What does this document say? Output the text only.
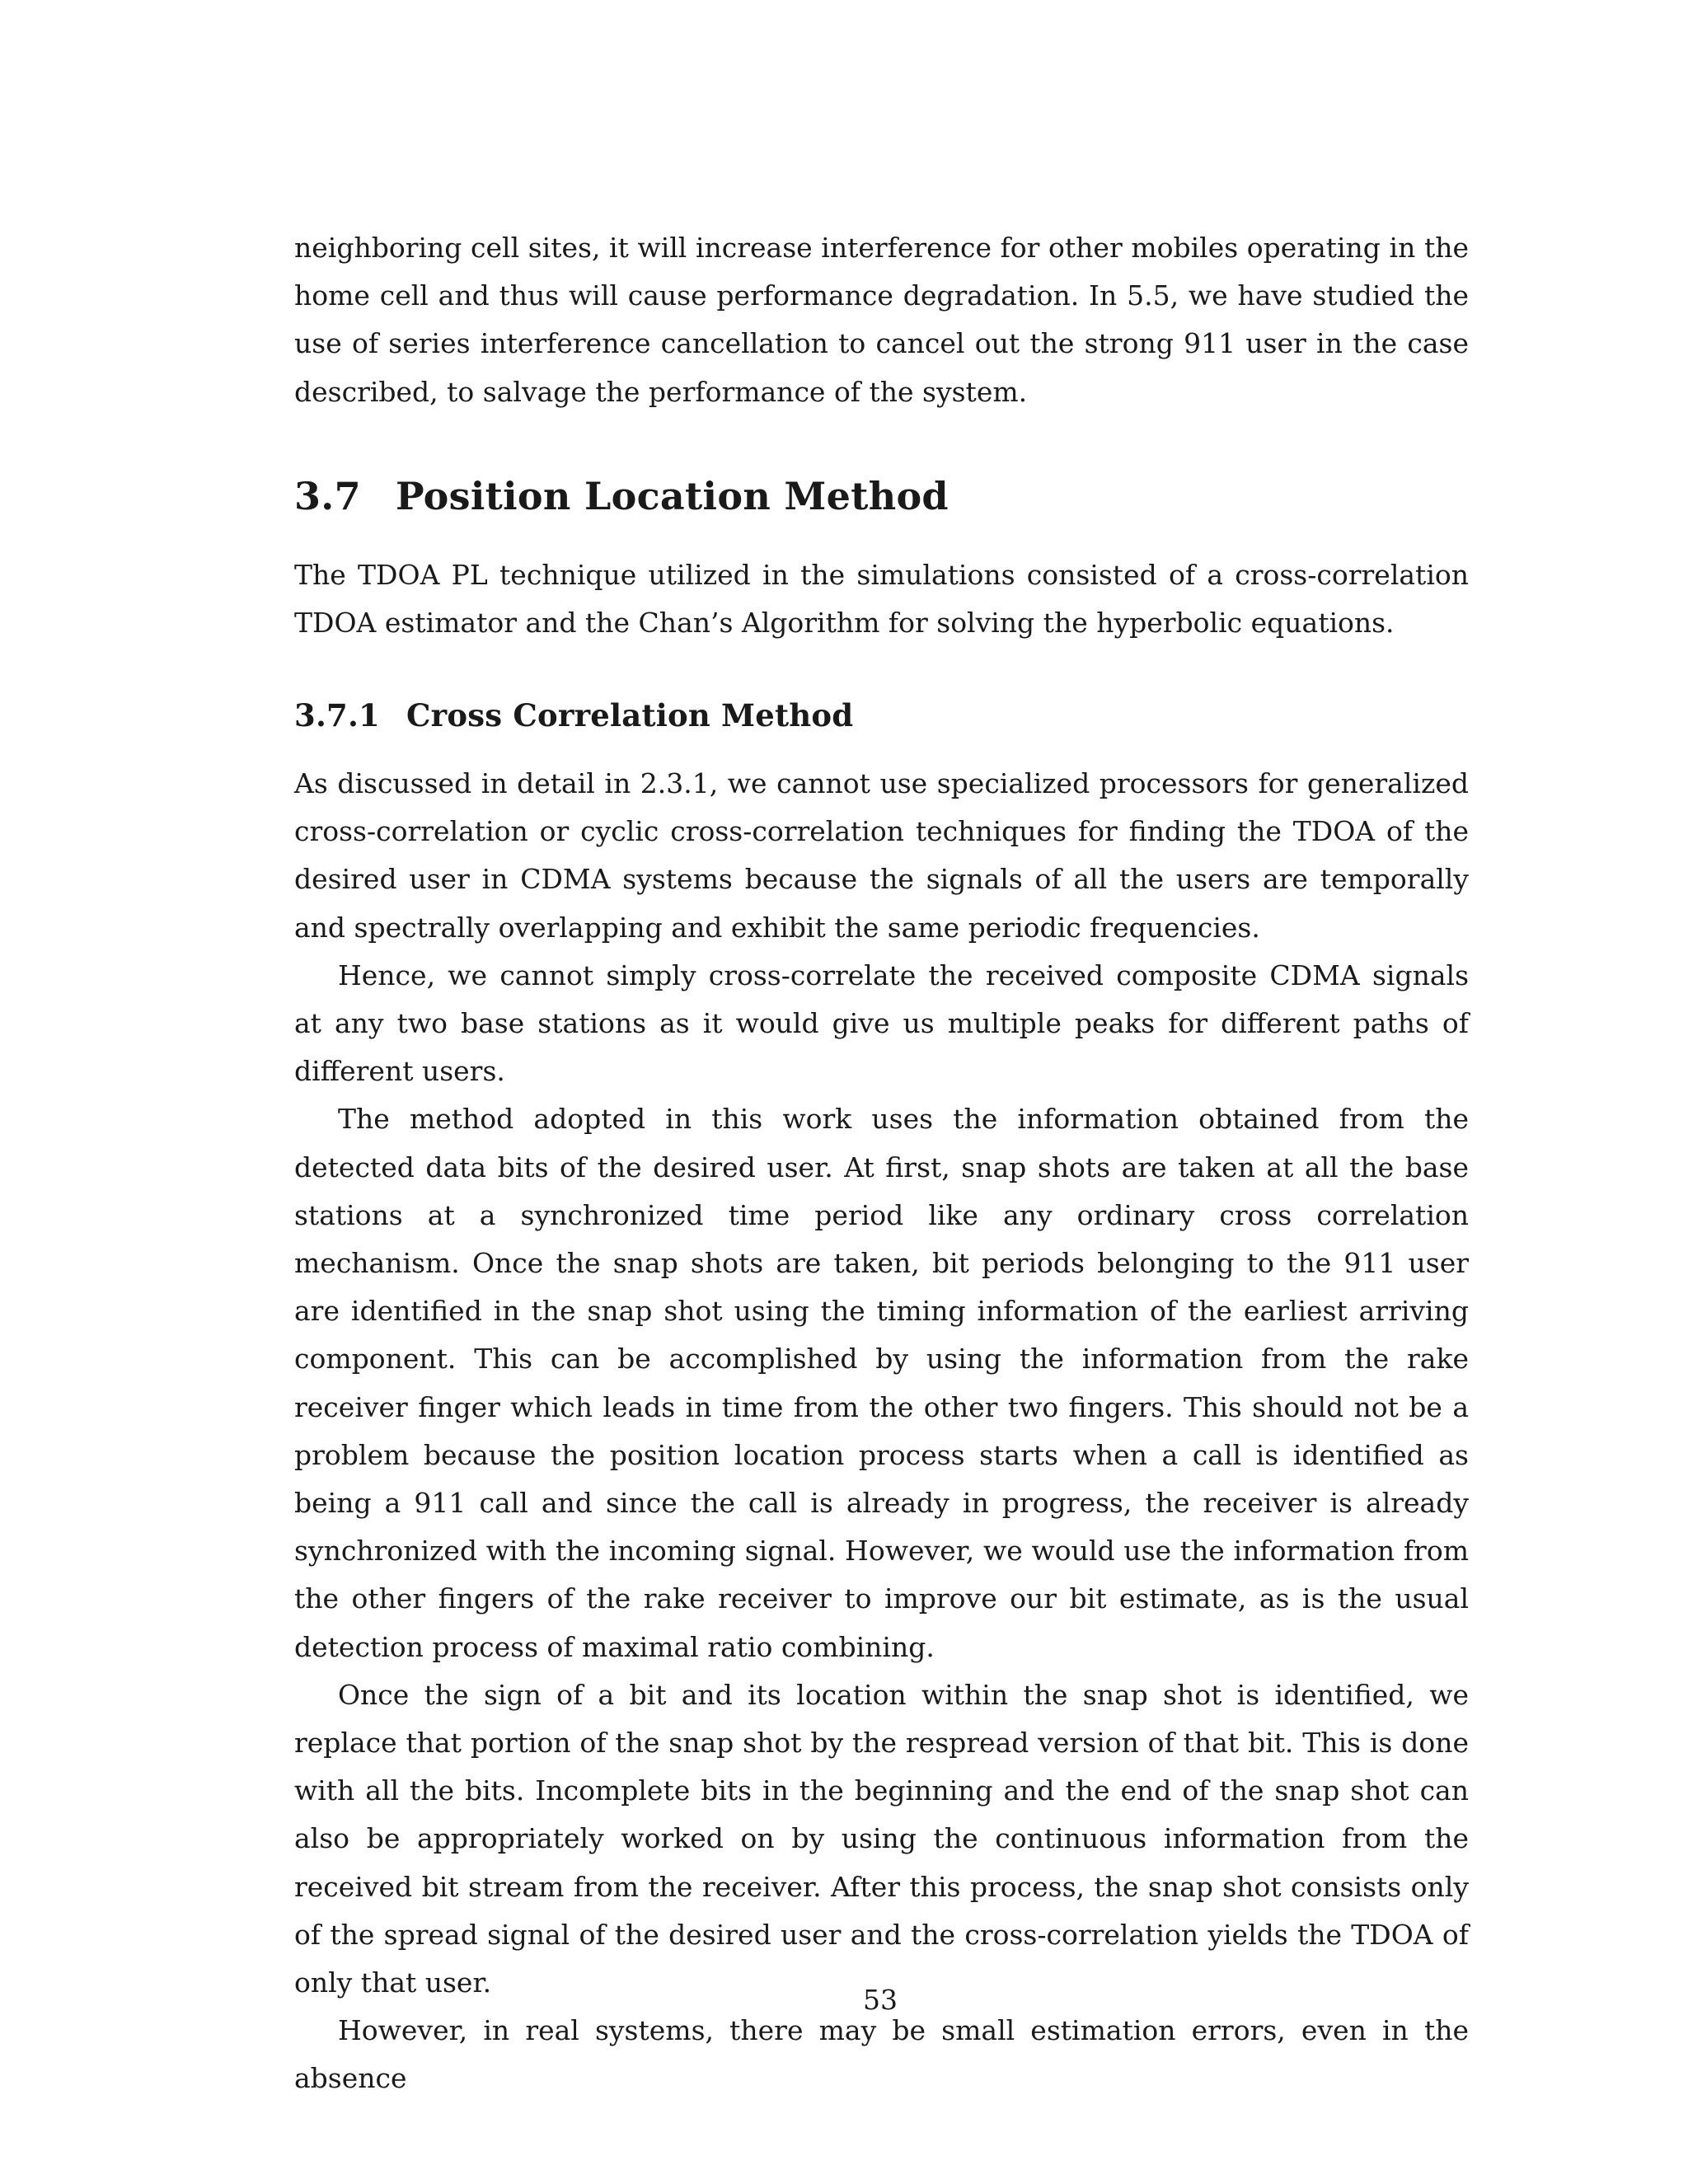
neighboring cell sites, it will increase interference for other mobiles operating in the home cell and thus will cause performance degradation. In 5.5, we have studied the use of series interference cancellation to cancel out the strong 911 user in the case described, to salvage the performance of the system.

3.7 Position Location Method

The TDOA PL technique utilized in the simulations consisted of a cross-correlation TDOA estimator and the Chan’s Algorithm for solving the hyperbolic equations.

3.7.1 Cross Correlation Method

As discussed in detail in 2.3.1, we cannot use specialized processors for generalized cross-correlation or cyclic cross-correlation techniques for finding the TDOA of the desired user in CDMA systems because the signals of all the users are temporally and spectrally overlapping and exhibit the same periodic frequencies.

Hence, we cannot simply cross-correlate the received composite CDMA signals at any two base stations as it would give us multiple peaks for different paths of different users.

The method adopted in this work uses the information obtained from the detected data bits of the desired user. At first, snap shots are taken at all the base stations at a synchronized time period like any ordinary cross correlation mechanism. Once the snap shots are taken, bit periods belonging to the 911 user are identified in the snap shot using the timing information of the earliest arriving component. This can be accomplished by using the information from the rake receiver finger which leads in time from the other two fingers. This should not be a problem because the position location process starts when a call is identified as being a 911 call and since the call is already in progress, the receiver is already synchronized with the incoming signal. However, we would use the information from the other fingers of the rake receiver to improve our bit estimate, as is the usual detection process of maximal ratio combining.

Once the sign of a bit and its location within the snap shot is identified, we replace that portion of the snap shot by the respread version of that bit. This is done with all the bits. Incomplete bits in the beginning and the end of the snap shot can also be appropriately worked on by using the continuous information from the received bit stream from the receiver. After this process, the snap shot consists only of the spread signal of the desired user and the cross-correlation yields the TDOA of only that user.

However, in real systems, there may be small estimation errors, even in the absence

53
